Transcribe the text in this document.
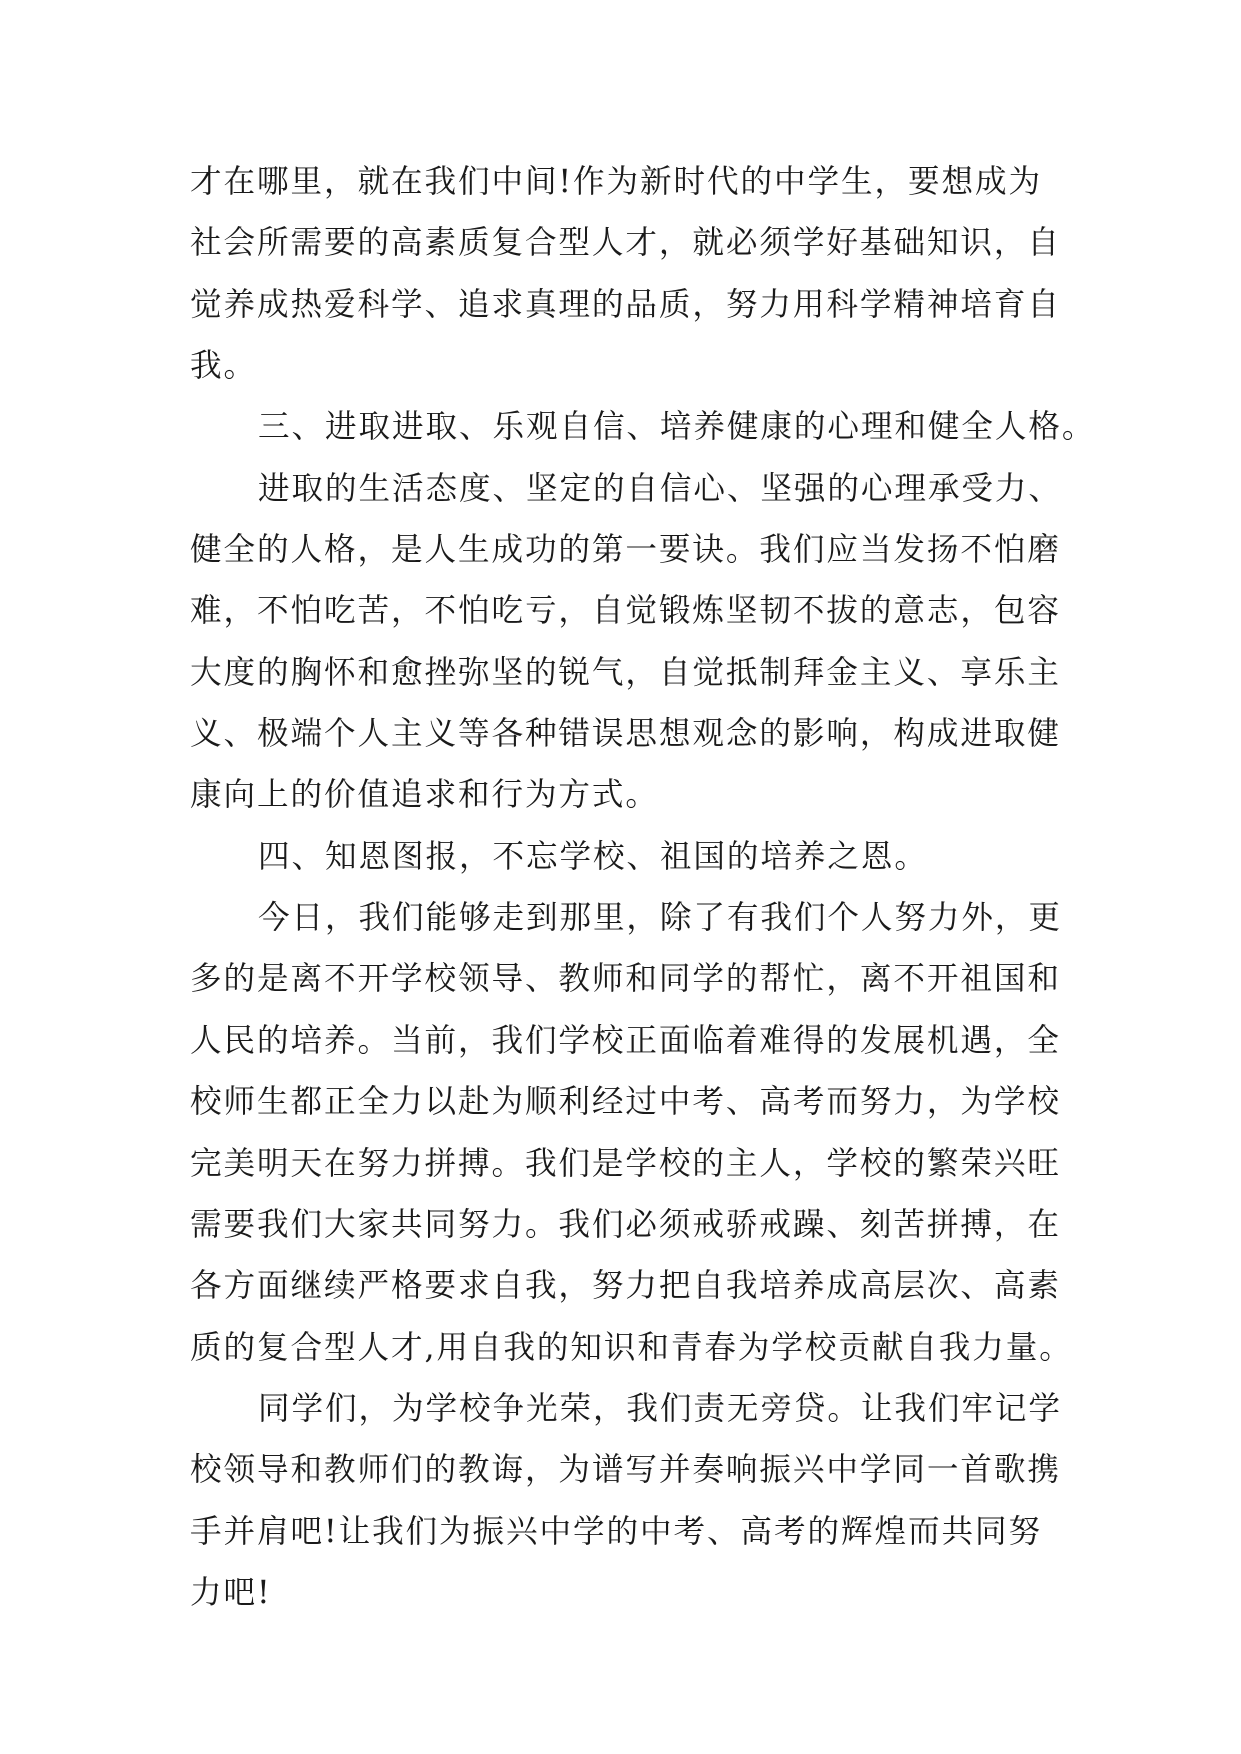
才在哪里，就在我们中间!作为新时代的中学生，要想成为
社会所需要的高素质复合型人才，就必须学好基础知识，自
觉养成热爱科学、追求真理的品质，努力用科学精神培育自
我。
三、进取进取、乐观自信、培养健康的心理和健全人格。
进取的生活态度、坚定的自信心、坚强的心理承受力、
健全的人格，是人生成功的第一要诀。我们应当发扬不怕磨
难，不怕吃苦，不怕吃亏，自觉锻炼坚韧不拔的意志，包容
大度的胸怀和愈挫弥坚的锐气，自觉抵制拜金主义、享乐主
义、极端个人主义等各种错误思想观念的影响，构成进取健
康向上的价值追求和行为方式。
四、知恩图报，不忘学校、祖国的培养之恩。
今日，我们能够走到那里，除了有我们个人努力外，更
多的是离不开学校领导、教师和同学的帮忙，离不开祖国和
人民的培养。当前，我们学校正面临着难得的发展机遇，全
校师生都正全力以赴为顺利经过中考、高考而努力，为学校
完美明天在努力拼搏。我们是学校的主人，学校的繁荣兴旺
需要我们大家共同努力。我们必须戒骄戒躁、刻苦拼搏，在
各方面继续严格要求自我，努力把自我培养成高层次、高素
质的复合型人才,用自我的知识和青春为学校贡献自我力量。
同学们，为学校争光荣，我们责无旁贷。让我们牢记学
校领导和教师们的教诲，为谱写并奏响振兴中学同一首歌携
手并肩吧!让我们为振兴中学的中考、高考的辉煌而共同努
力吧!
